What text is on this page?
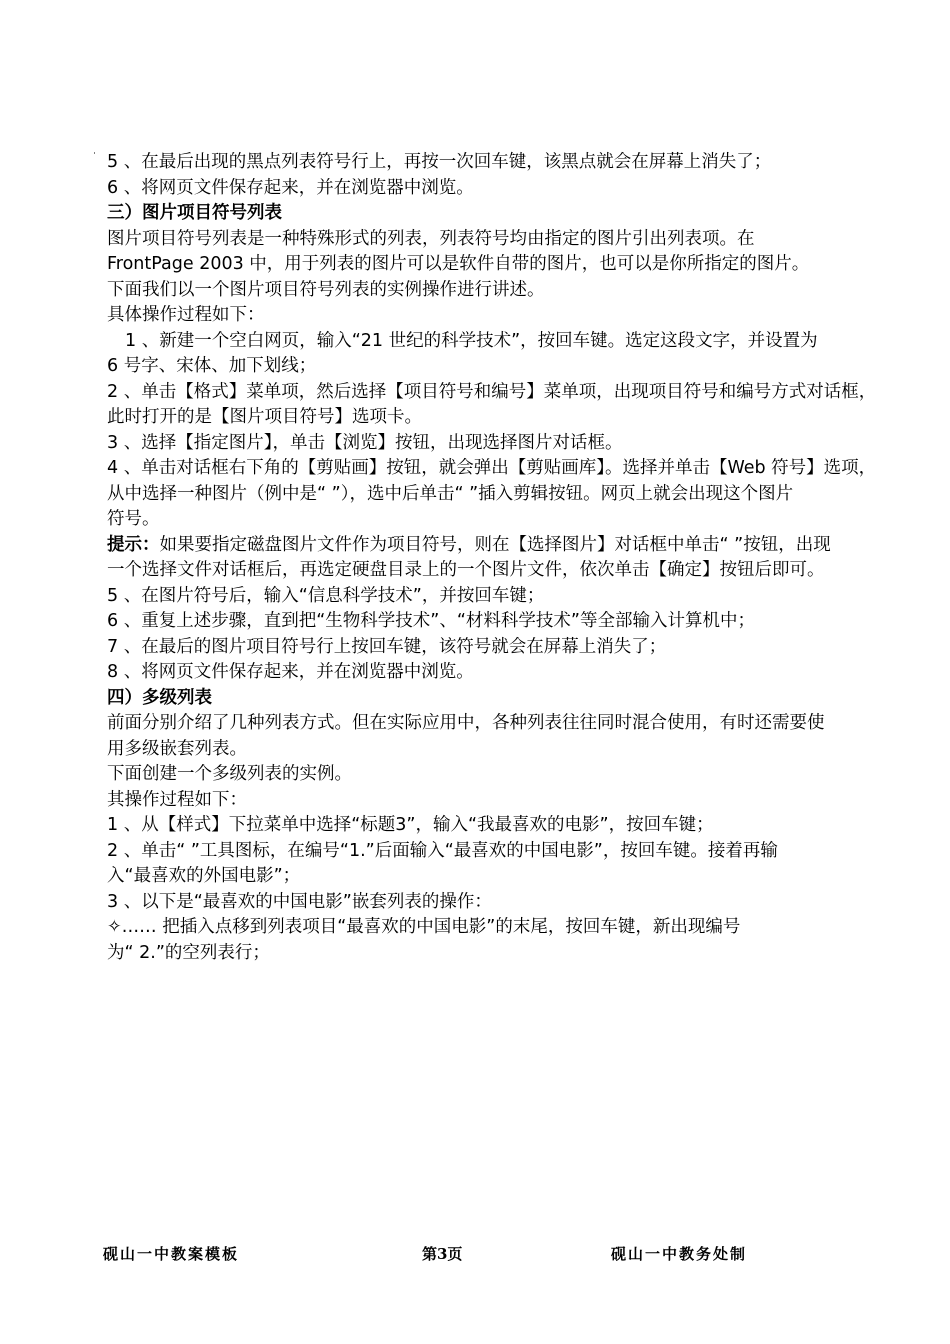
˙ 5 、在最后出现的黑点列表符号行上，再按一次回车键，该黑点就会在屏幕上消失了；
6 、将网页文件保存起来，并在浏览器中浏览。
三）图片项目符号列表
图片项目符号列表是一种特殊形式的列表，列表符号均由指定的图片引出列表项。在
FrontPage 2003 中，用于列表的图片可以是软件自带的图片，也可以是你所指定的图片。
下面我们以一个图片项目符号列表的实例操作进行讲述。
具体操作过程如下：
1 、新建一个空白网页，输入“21 世纪的科学技术”，按回车键。选定这段文字，并设置为
6 号字、宋体、加下划线；
2 、单击【格式】菜单项，然后选择【项目符号和编号】菜单项，出现项目符号和编号方式对话框，
此时打开的是【图片项目符号】选项卡。
3 、选择【指定图片】，单击【浏览】按钮，出现选择图片对话框。
4 、单击对话框右下角的【剪贴画】按钮，就会弹出【剪贴画库】。选择并单击【Web 符号】选项，
从中选择一种图片（例中是“ ”），选中后单击“ ”插入剪辑按钮。网页上就会出现这个图片
符号。
提示：如果要指定磁盘图片文件作为项目符号，则在【选择图片】对话框中单击“ ”按钮，出现
一个选择文件对话框后，再选定硬盘目录上的一个图片文件，依次单击【确定】按钮后即可。
5 、在图片符号后，输入“信息科学技术”，并按回车键；
6 、重复上述步骤，直到把“生物科学技术”、“材料科学技术”等全部输入计算机中；
7 、在最后的图片项目符号行上按回车键，该符号就会在屏幕上消失了；
8 、将网页文件保存起来，并在浏览器中浏览。
四）多级列表
前面分别介绍了几种列表方式。但在实际应用中，各种列表往往同时混合使用，有时还需要使
用多级嵌套列表。
下面创建一个多级列表的实例。
其操作过程如下：
1 、从【样式】下拉菜单中选择“标题3”，输入“我最喜欢的电影”，按回车键；
2 、单击“ ”工具图标，在编号“1.”后面输入“最喜欢的中国电影”，按回车键。接着再输
入“最喜欢的外国电影”；
3 、以下是“最喜欢的中国电影”嵌套列表的操作：
✧…… 把插入点移到列表项目“最喜欢的中国电影”的末尾，按回车键，新出现编号
为“ 2.”的空列表行；
砚山一中教案模板	第3页	砚山一中教务处制
